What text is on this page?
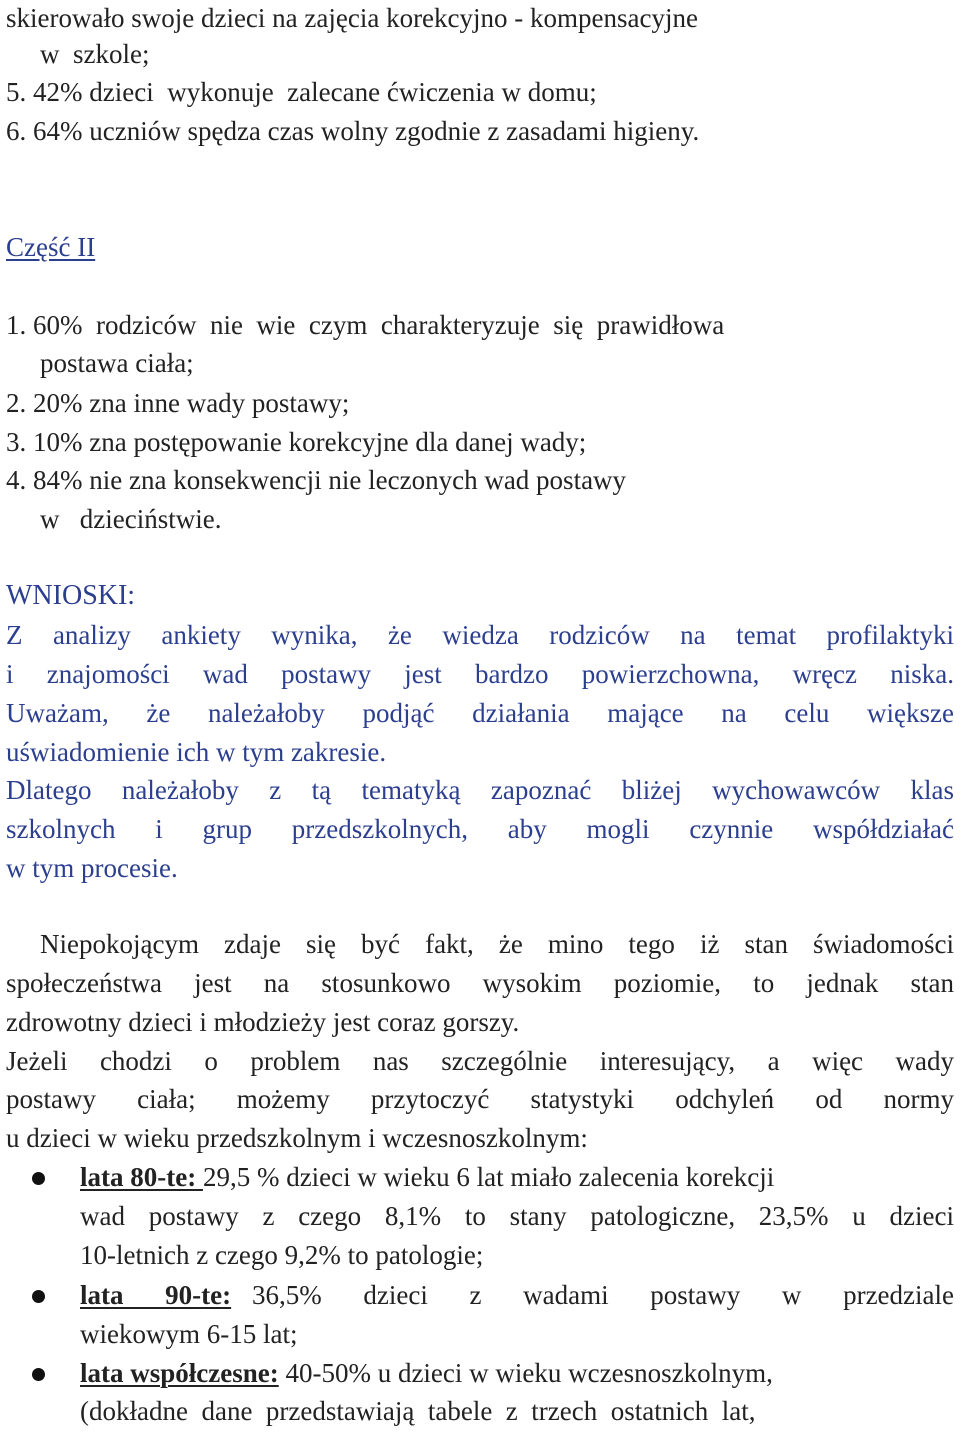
skierowało swoje dzieci na zajęcia korekcyjno - kompensacyjne
w  szkole;
5. 42% dzieci  wykonuje  zalecane ćwiczenia w domu;
6. 64% uczniów spędza czas wolny zgodnie z zasadami higieny.
Część II
1. 60%  rodziców  nie  wie  czym  charakteryzuje  się  prawidłowa
postawa ciała;
2. 20% zna inne wady postawy;
3. 10% zna postępowanie korekcyjne dla danej wady;
4. 84% nie zna konsekwencji nie leczonych wad postawy
w   dzieciństwie.
WNIOSKI:
Z analizy ankiety wynika, że wiedza rodziców na temat profilaktyki
i znajomości wad postawy jest bardzo powierzchowna, wręcz niska.
Uważam, że należałoby podjąć działania mające na celu większe
uświadomienie ich w tym zakresie.
Dlatego należałoby z tą tematyką zapoznać bliżej wychowawców klas
szkolnych i grup przedszkolnych, aby mogli czynnie współdziałać
w tym procesie.
Niepokojącym zdaje się być fakt, że mino tego iż stan świadomości
społeczeństwa jest na stosunkowo wysokim poziomie, to jednak stan
zdrowotny dzieci i młodzieży jest coraz gorszy.
Jeżeli chodzi o problem nas szczególnie interesujący, a więc wady
postawy ciała; możemy przytoczyć statystyki odchyleń od normy
u dzieci w wieku przedszkolnym i wczesnoszkolnym:
lata 80-te: 29,5 % dzieci w wieku 6 lat miało zalecenia korekcji
wad postawy z czego 8,1% to stany patologiczne, 23,5% u dzieci
10-letnich z czego 9,2% to patologie;
lata  90-te: 36,5%  dzieci  z  wadami  postawy  w  przedziale
wiekowym 6-15 lat;
lata współczesne: 40-50% u dzieci w wieku wczesnoszkolnym,
(dokładne  dane  przedstawiają  tabele  z  trzech  ostatnich  lat,
